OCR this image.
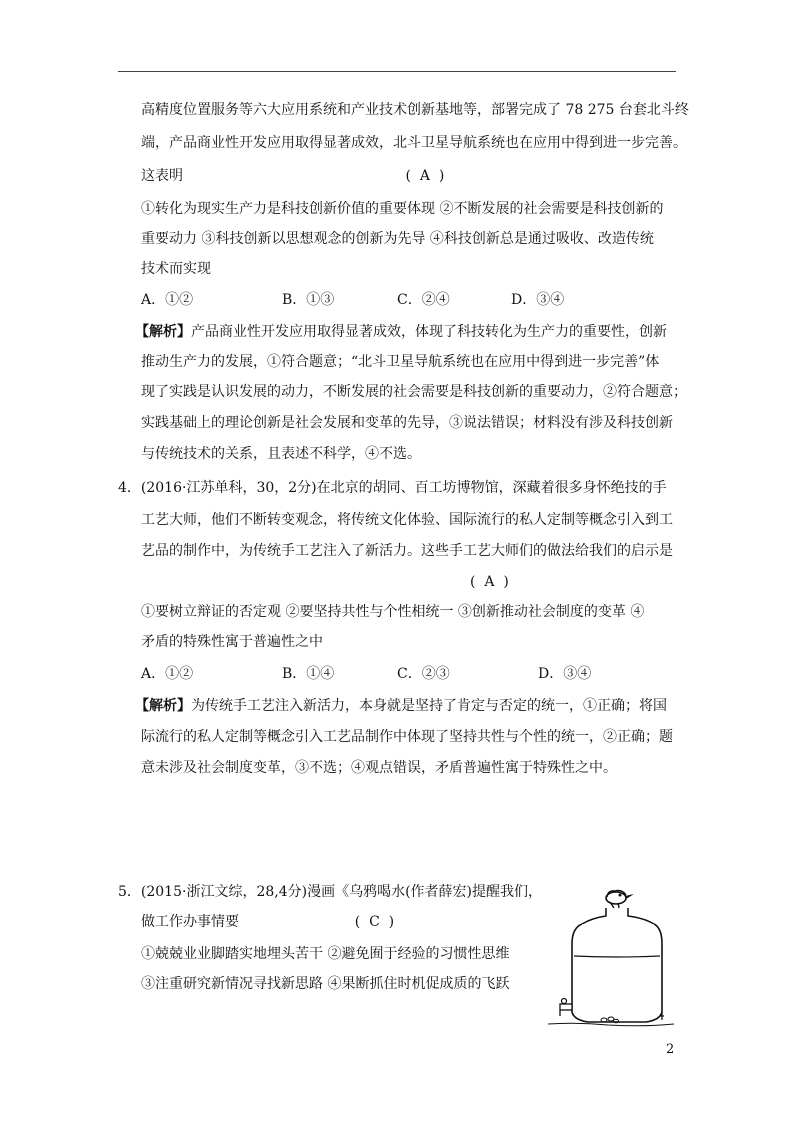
高精度位置服务等六大应用系统和产业技术创新基地等，部署完成了 78 275 台套北斗终
端，产品商业性开发应用取得显著成效，北斗卫星导航系统也在应用中得到进一步完善。
这表明                                                  (  A  )
①转化为现实生产力是科技创新价值的重要体现 ②不断发展的社会需要是科技创新的
重要动力 ③科技创新以思想观念的创新为先导 ④科技创新总是通过吸收、改造传统
技术而实现
A．①②	B．①③	C．②④	D．③④
【解析】产品商业性开发应用取得显著成效，体现了科技转化为生产力的重要性，创新
推动生产力的发展，①符合题意；“北斗卫星导航系统也在应用中得到进一步完善”体
现了实践是认识发展的动力，不断发展的社会需要是科技创新的重要动力，②符合题意；
实践基础上的理论创新是社会发展和变革的先导，③说法错误；材料没有涉及科技创新
与传统技术的关系，且表述不科学，④不选。
4．(2016·江苏单科，30，2分)在北京的胡同、百工坊博物馆，深藏着很多身怀绝技的手
工艺大师，他们不断转变观念，将传统文化体验、国际流行的私人定制等概念引入到工
艺品的制作中，为传统手工艺注入了新活力。这些手工艺大师们的做法给我们的启示是
(  A  )
①要树立辩证的否定观 ②要坚持共性与个性相统一 ③创新推动社会制度的变革 ④
矛盾的特殊性寓于普遍性之中
A．①②	B．①④	C．②③	D．③④
【解析】为传统手工艺注入新活力，本身就是坚持了肯定与否定的统一，①正确；将国
际流行的私人定制等概念引入工艺品制作中体现了坚持共性与个性的统一，②正确；题
意未涉及社会制度变革，③不选；④观点错误，矛盾普遍性寓于特殊性之中。
5．(2015·浙江文综，28,4分)漫画《乌鸦喝水(作者薛宏)提醒我们，
做工作办事情要                          (  C  )
①兢兢业业脚踏实地埋头苦干 ②避免囿于经验的习惯性思维
③注重研究新情况寻找新思路 ④果断抓住时机促成质的飞跃
2
